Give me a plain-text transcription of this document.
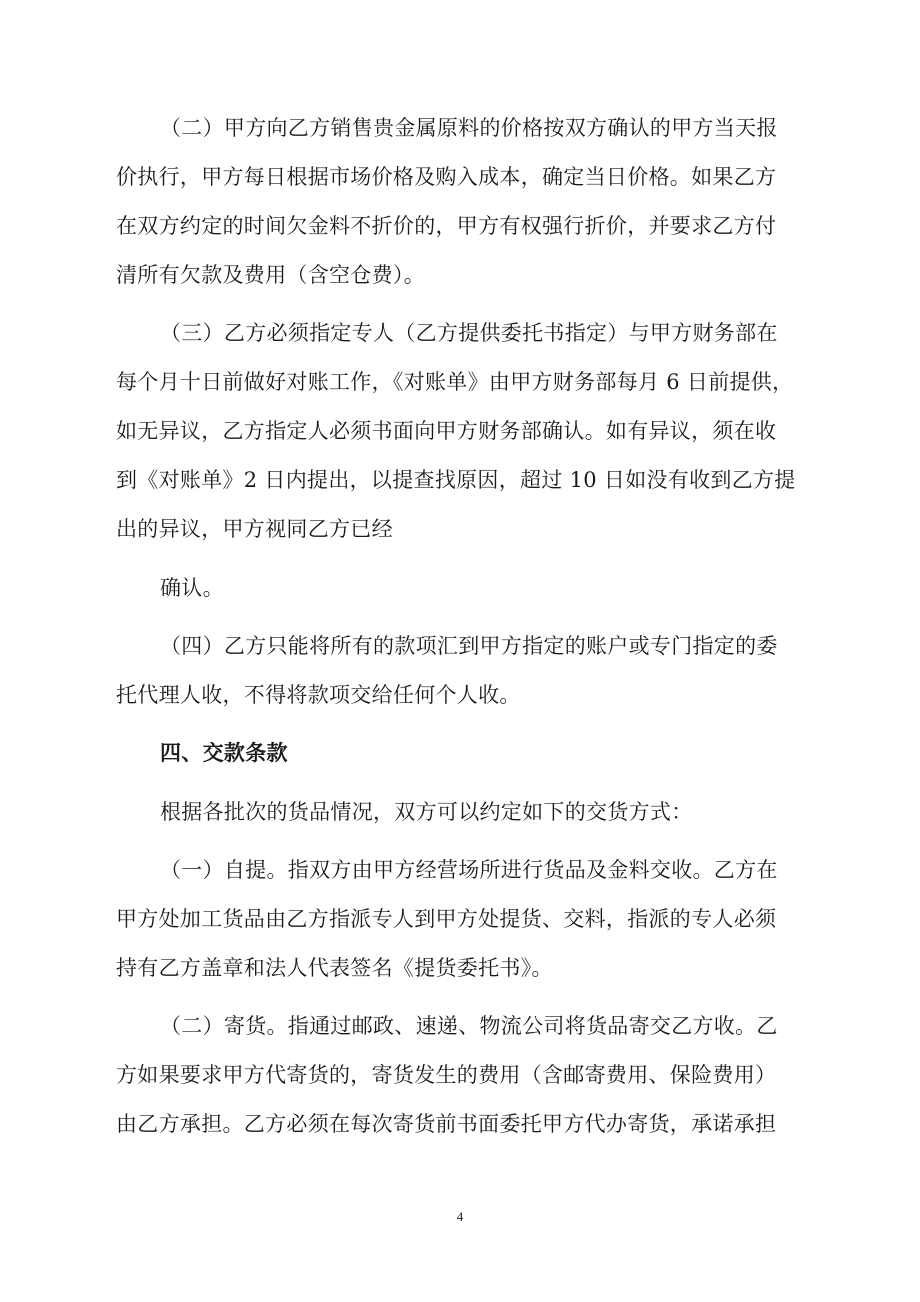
（二）甲方向乙方销售贵金属原料的价格按双方确认的甲方当天报
价执行，甲方每日根据市场价格及购入成本，确定当日价格。如果乙方
在双方约定的时间欠金料不折价的，甲方有权强行折价，并要求乙方付
清所有欠款及费用（含空仓费）。
（三）乙方必须指定专人（乙方提供委托书指定）与甲方财务部在
每个月十日前做好对账工作，《对账单》由甲方财务部每月 6 日前提供，
如无异议，乙方指定人必须书面向甲方财务部确认。如有异议，须在收
到《对账单》2 日内提出，以提查找原因，超过 10 日如没有收到乙方提
出的异议，甲方视同乙方已经
确认。
（四）乙方只能将所有的款项汇到甲方指定的账户或专门指定的委
托代理人收，不得将款项交给任何个人收。
四、交款条款
根据各批次的货品情况，双方可以约定如下的交货方式：
（一）自提。指双方由甲方经营场所进行货品及金料交收。乙方在
甲方处加工货品由乙方指派专人到甲方处提货、交料，指派的专人必须
持有乙方盖章和法人代表签名《提货委托书》。
（二）寄货。指通过邮政、速递、物流公司将货品寄交乙方收。乙
方如果要求甲方代寄货的，寄货发生的费用（含邮寄费用、保险费用）
由乙方承担。乙方必须在每次寄货前书面委托甲方代办寄货，承诺承担
4
